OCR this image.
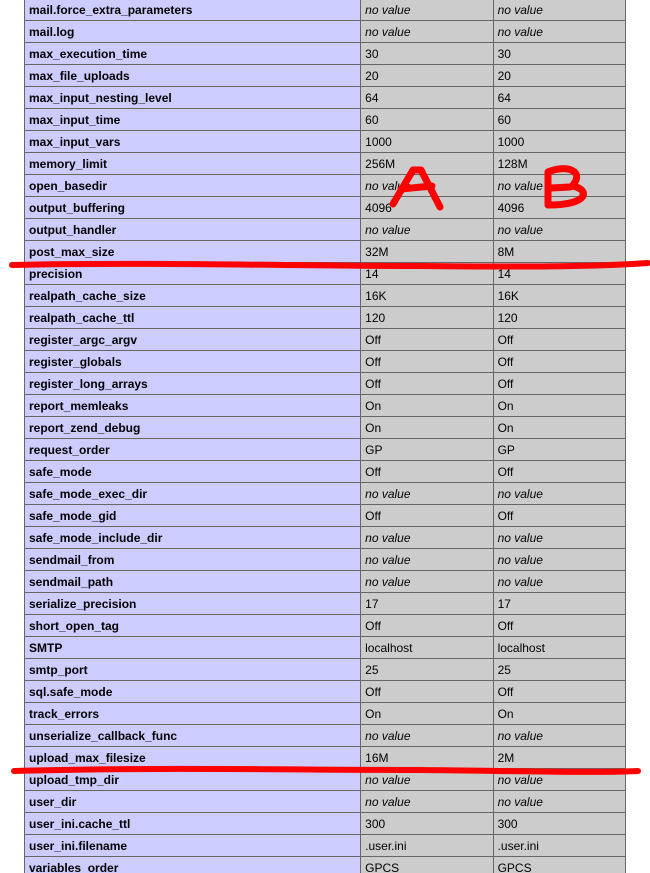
mail.force_extra_parameters	no value	no value
mail.log	no value	no value
max_execution_time	30	30
max_file_uploads	20	20
max_input_nesting_level	64	64
max_input_time	60	60
max_input_vars	1000	1000
memory_limit	256M	128M
open_basedir	no value	no value
output_buffering	4096	4096
output_handler	no value	no value
post_max_size	32M	8M
precision	14	14
realpath_cache_size	16K	16K
realpath_cache_ttl	120	120
register_argc_argv	Off	Off
register_globals	Off	Off
register_long_arrays	Off	Off
report_memleaks	On	On
report_zend_debug	On	On
request_order	GP	GP
safe_mode	Off	Off
safe_mode_exec_dir	no value	no value
safe_mode_gid	Off	Off
safe_mode_include_dir	no value	no value
sendmail_from	no value	no value
sendmail_path	no value	no value
serialize_precision	17	17
short_open_tag	Off	Off
SMTP	localhost	localhost
smtp_port	25	25
sql.safe_mode	Off	Off
track_errors	On	On
unserialize_callback_func	no value	no value
upload_max_filesize	16M	2M
upload_tmp_dir	no value	no value
user_dir	no value	no value
user_ini.cache_ttl	300	300
user_ini.filename	.user.ini	.user.ini
variables_order	GPCS	GPCS
